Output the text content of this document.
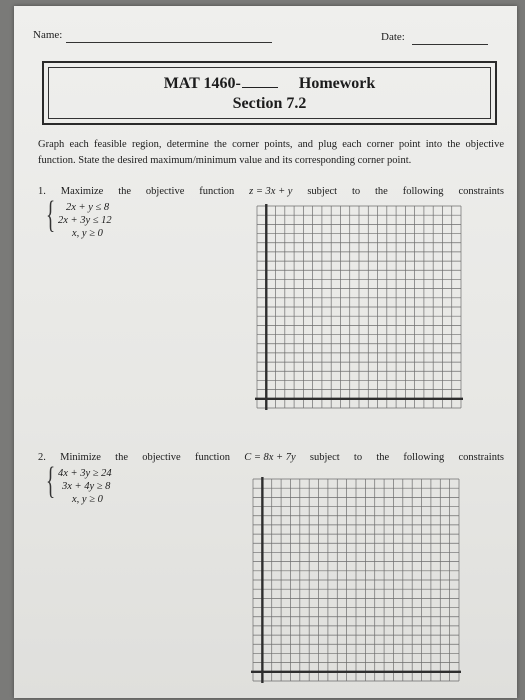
Name:	Date:
MAT 1460-	Homework
Section 7.2
Graph each feasible region, determine the corner points, and plug each corner point into the objective function. State the desired maximum/minimum value and its corresponding corner point.
1. Maximize the objective function z = 3x + y subject to the following constraints
{	2x + y ≤ 8
2x + 3y ≤ 12
x, y ≥ 0
2. Minimize the objective function C = 8x + 7y subject to the following constraints
{ 4x + 3y ≥ 24
3x + 4y ≥ 8
x, y ≥ 0
